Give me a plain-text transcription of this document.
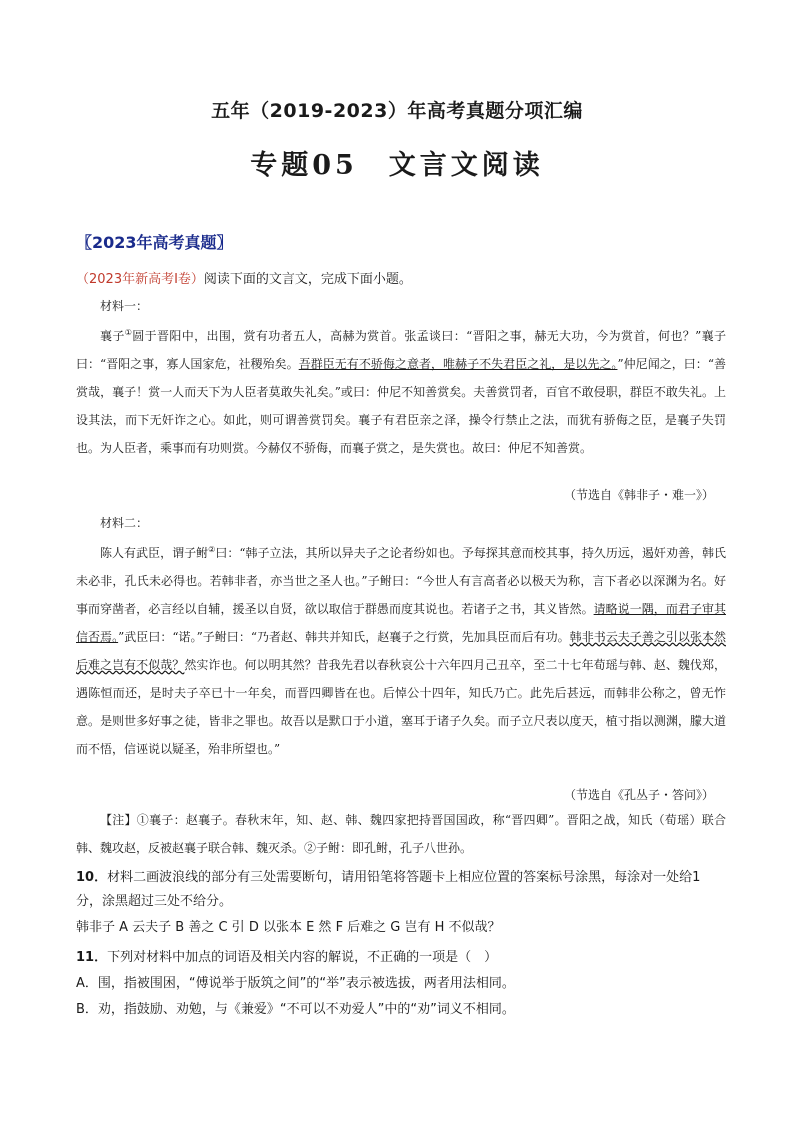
五年（2019-2023）年高考真题分项汇编
专题05　文言文阅读
〖2023年高考真题〗
（2023年新高考Ⅰ卷）阅读下面的文言文，完成下面小题。
材料一：
襄子①圆于晋阳中，出围，赏有功者五人，高赫为赏首。张孟谈曰：“晋阳之事，赫无大功，今为赏首，何也？”襄子曰：“晋阳之事，寡人国家危，社稷殆矣。吾群臣无有不骄侮之意者，唯赫子不失君臣之礼，是以先之。”仲尼闻之，曰：“善赏哉，襄子！赏一人而天下为人臣者莫敢失礼矣。”或曰：仲尼不知善赏矣。夫善赏罚者，百官不敢侵职，群臣不敢失礼。上设其法，而下无奸诈之心。如此，则可谓善赏罚矣。襄子有君臣亲之泽，操令行禁止之法，而犹有骄侮之臣，是襄子失罚也。为人臣者，乘事而有功则赏。今赫仅不骄侮，而襄子赏之，是失赏也。故曰：仲尼不知善赏。
（节选自《韩非子・难一》）
材料二：
陈人有武臣，谓子鲋②曰：“韩子立法，其所以异夫子之论者纷如也。予每探其意而校其事，持久历远，遏奸劝善，韩氏未必非，孔氏未必得也。若韩非者，亦当世之圣人也。”子鲋曰：“今世人有言高者必以极天为称，言下者必以深渊为名。好事而穿凿者，必言经以自辅，援圣以自贤，欲以取信于群愚而度其说也。若诸子之书，其义皆然。请略说一隅，而君子审其信否焉。”武臣曰：“诺。”子鲋曰：“乃者赵、韩共并知氏，赵襄子之行赏，先加具臣而后有功。韩非书云夫子善之引以张本然后难之岂有不似哉？然实诈也。何以明其然？昔我先君以春秋哀公十六年四月己丑卒，至二十七年荀瑶与韩、赵、魏伐郑，遇陈恒而还，是时夫子卒已十一年矣，而晋四卿皆在也。后悼公十四年，知氏乃亡。此先后甚远，而韩非公称之，曾无怍意。是则世多好事之徒，皆非之罪也。故吾以是默口于小道，塞耳于诸子久矣。而子立尺表以度天，植寸指以测渊，朦大道而不悟，信诬说以疑圣，殆非所望也。”
（节选自《孔丛子・答问》）
【注】①襄子：赵襄子。春秋末年，知、赵、韩、魏四家把持晋国国政，称“晋四卿”。晋阳之战，知氏（荀瑶）联合韩、魏攻赵，反被赵襄子联合韩、魏灭杀。②子鲋：即孔鲋，孔子八世孙。
10．材料二画波浪线的部分有三处需要断句，请用铅笔将答题卡上相应位置的答案标号涂黑，每涂对一处给1分，涂黑超过三处不给分。
韩非子 A 云夫子 B 善之 C 引 D 以张本 E 然 F 后难之 G 岂有 H 不似哉？
11．下列对材料中加点的词语及相关内容的解说，不正确的一项是（　）
A．围，指被围困，“傅说举于版筑之间”的“举”表示被选拔，两者用法相同。
B．劝，指鼓励、劝勉，与《兼爱》“不可以不劝爱人”中的“劝”词义不相同。
